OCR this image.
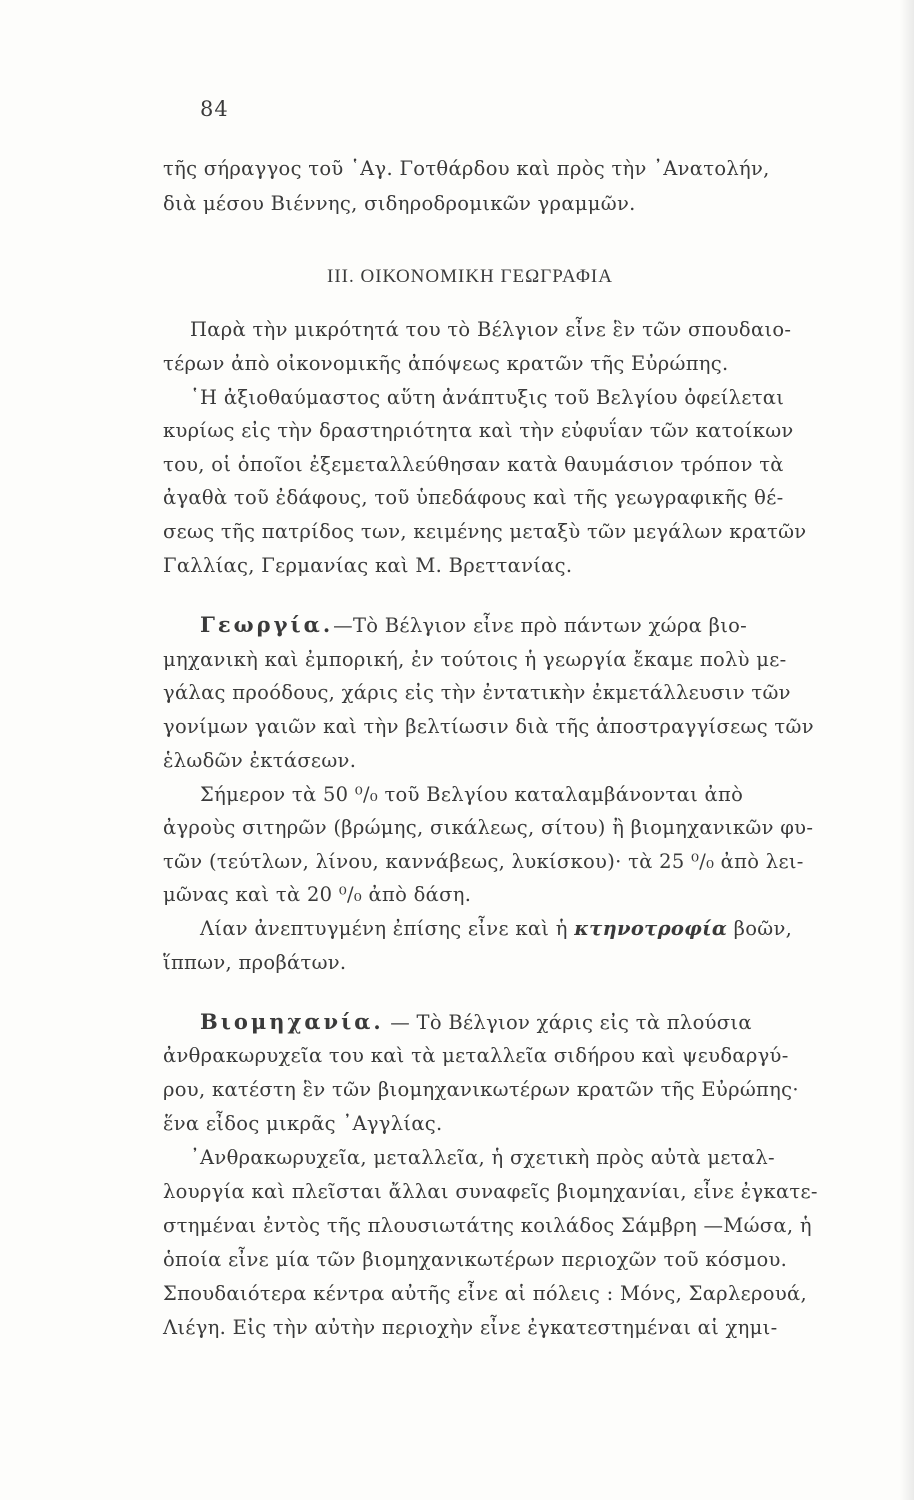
84
τῆς σήραγγος τοῦ ῾Αγ. Γοτθάρδου καὶ πρὸς τὴν ᾿Ανατολήν,
διὰ μέσου Βιέννης, σιδηροδρομικῶν γραμμῶν.
III. ΟΙΚΟΝΟΜΙΚΗ ΓΕΩΓΡΑΦΙΑ
Παρὰ τὴν μικρότητά του τὸ Βέλγιον εἶνε ἓν τῶν σπουδαιο-
τέρων ἀπὸ οἰκονομικῆς ἀπόψεως κρατῶν τῆς Εὐρώπης.
῾Η ἀξιοθαύμαστος αὕτη ἀνάπτυξις τοῦ Βελγίου ὀφείλεται
κυρίως εἰς τὴν δραστηριότητα καὶ τὴν εὐφυΐαν τῶν κατοίκων
του, οἱ ὁποῖοι ἐξεμεταλλεύθησαν κατὰ θαυμάσιον τρόπον τὰ
ἀγαθὰ τοῦ ἐδάφους, τοῦ ὑπεδάφους καὶ τῆς γεωγραφικῆς θέ-
σεως τῆς πατρίδος των, κειμένης μεταξὺ τῶν μεγάλων κρατῶν
Γαλλίας, Γερμανίας καὶ Μ. Βρεττανίας.
Γεωργία.—Τὸ Βέλγιον εἶνε πρὸ πάντων χώρα βιο-
μηχανικὴ καὶ ἐμπορική, ἐν τούτοις ἡ γεωργία ἔκαμε πολὺ με-
γάλας προόδους, χάρις εἰς τὴν ἐντατικὴν ἐκμετάλλευσιν τῶν
γονίμων γαιῶν καὶ τὴν βελτίωσιν διὰ τῆς ἀποστραγγίσεως τῶν
ἑλωδῶν ἐκτάσεων.
Σήμερον τὰ 50 ⁰/₀ τοῦ Βελγίου καταλαμβάνονται ἀπὸ
ἀγροὺς σιτηρῶν (βρώμης, σικάλεως, σίτου) ἢ βιομηχανικῶν φυ-
τῶν (τεύτλων, λίνου, καννάβεως, λυκίσκου)· τὰ 25 ⁰/₀ ἀπὸ λει-
μῶνας καὶ τὰ 20 ⁰/₀ ἀπὸ δάση.
Λίαν ἀνεπτυγμένη ἐπίσης εἶνε καὶ ἡ κτηνοτροφία βοῶν,
ἵππων, προβάτων.
Βιομηχανία. — Τὸ Βέλγιον χάρις εἰς τὰ πλούσια
ἀνθρακωρυχεῖα του καὶ τὰ μεταλλεῖα σιδήρου καὶ ψευδαργύ-
ρου, κατέστη ἓν τῶν βιομηχανικωτέρων κρατῶν τῆς Εὐρώπης·
ἕνα εἶδος μικρᾶς ᾿Αγγλίας.
᾿Ανθρακωρυχεῖα, μεταλλεῖα, ἡ σχετικὴ πρὸς αὐτὰ μεταλ-
λουργία καὶ πλεῖσται ἄλλαι συναφεῖς βιομηχανίαι, εἶνε ἐγκατε-
στημέναι ἐντὸς τῆς πλουσιωτάτης κοιλάδος Σάμβρη —Μώσα, ἡ
ὁποία εἶνε μία τῶν βιομηχανικωτέρων περιοχῶν τοῦ κόσμου.
Σπουδαιότερα κέντρα αὐτῆς εἶνε αἱ πόλεις : Μόνς, Σαρλερουά,
Λιέγη. Εἰς τὴν αὐτὴν περιοχὴν εἶνε ἐγκατεστημέναι αἱ χημι-
